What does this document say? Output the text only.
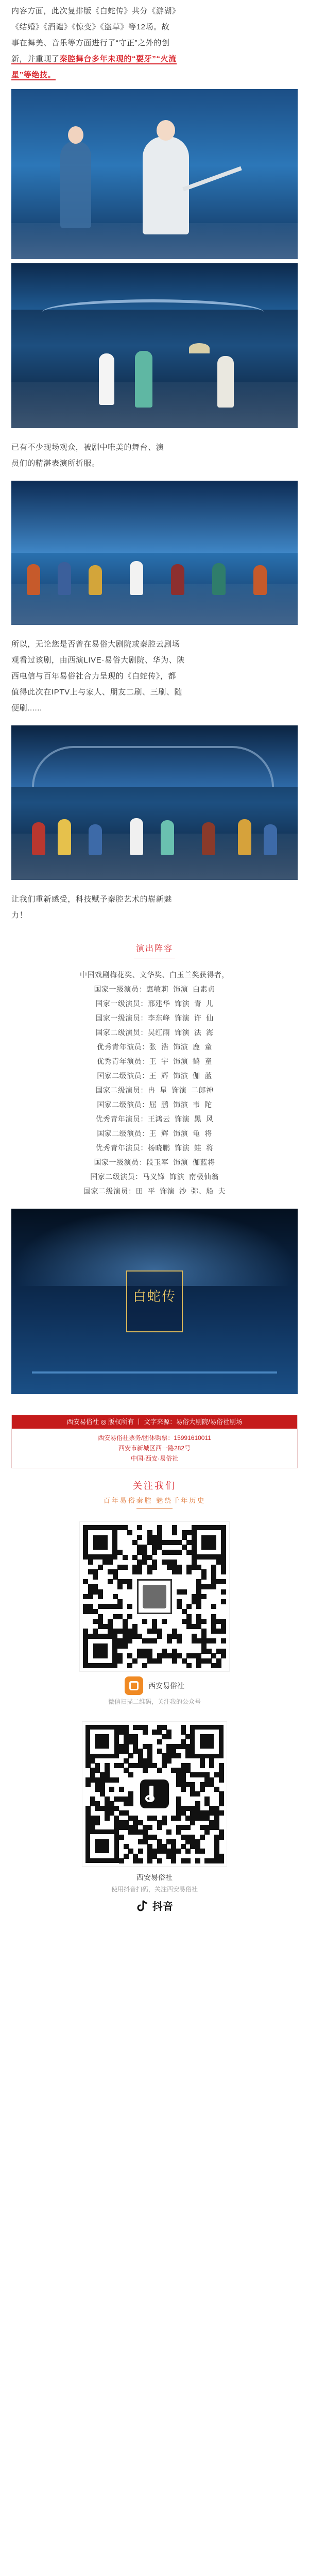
内容方面，此次复排版《白蛇传》共分《游湖》
《结婚》《酒谴》《惊变》《盗草》等12场。故
事在舞美、音乐等方面进行了“守正”之外的创
新，并重现了秦腔舞台多年未现的“耍牙”“火流
星”等绝技。
已有不少现场观众，被剧中唯美的舞台、演
员们的精湛表演所折服。
所以，无论您是否曾在易俗大剧院或秦腔云剧场
观看过该剧，由西演LIVE·易俗大剧院、华为、陕
西电信与百年易俗社合力呈现的《白蛇传》，都
值得此次在IPTV上与家人、朋友二刷、三刷、随
便刷......
让我们重新感受，科技赋予秦腔艺术的崭新魅
力！
演出阵容
中国戏剧梅花奖、文华奖、白玉兰奖获得者，
国家一级演员：惠敏莉  饰演  白素贞
国家一级演员：邢建华  饰演  青  儿
国家一级演员：李东峰  饰演  许  仙
国家二级演员：吴红雨  饰演  法  海
优秀青年演员：张  浩  饰演  鹿  童
优秀青年演员：王  宇  饰演  鹤  童
国家二级演员：王  辉  饰演  伽  蓝
国家二级演员：冉  星  饰演  二郎神
国家二级演员：屈  鹏  饰演  韦  陀
优秀青年演员：王鸿云  饰演  黑  风
国家二级演员：王  辉  饰演  龟  将
优秀青年演员：杨晓鹏  饰演  蛙  将
国家一级演员：段玉军  饰演  伽蓝将
国家二级演员：马义锋  饰演  南极仙翁
国家二级演员：田  平  饰演  沙  弥、船  夫
白蛇传
西安易俗社 ◎ 版权所有 丨 文字来源：易俗大剧院/易俗社剧场
西安易俗社票务/团体购票：15991610011
西安市新城区西一路282号
中国·西安·易俗社
关注我们
百年易俗秦腔 魅绕千年历史
西安易俗社
微信扫描二维码，关注我的公众号
西安易俗社
使用抖音扫码，关注西安易俗社
抖音
